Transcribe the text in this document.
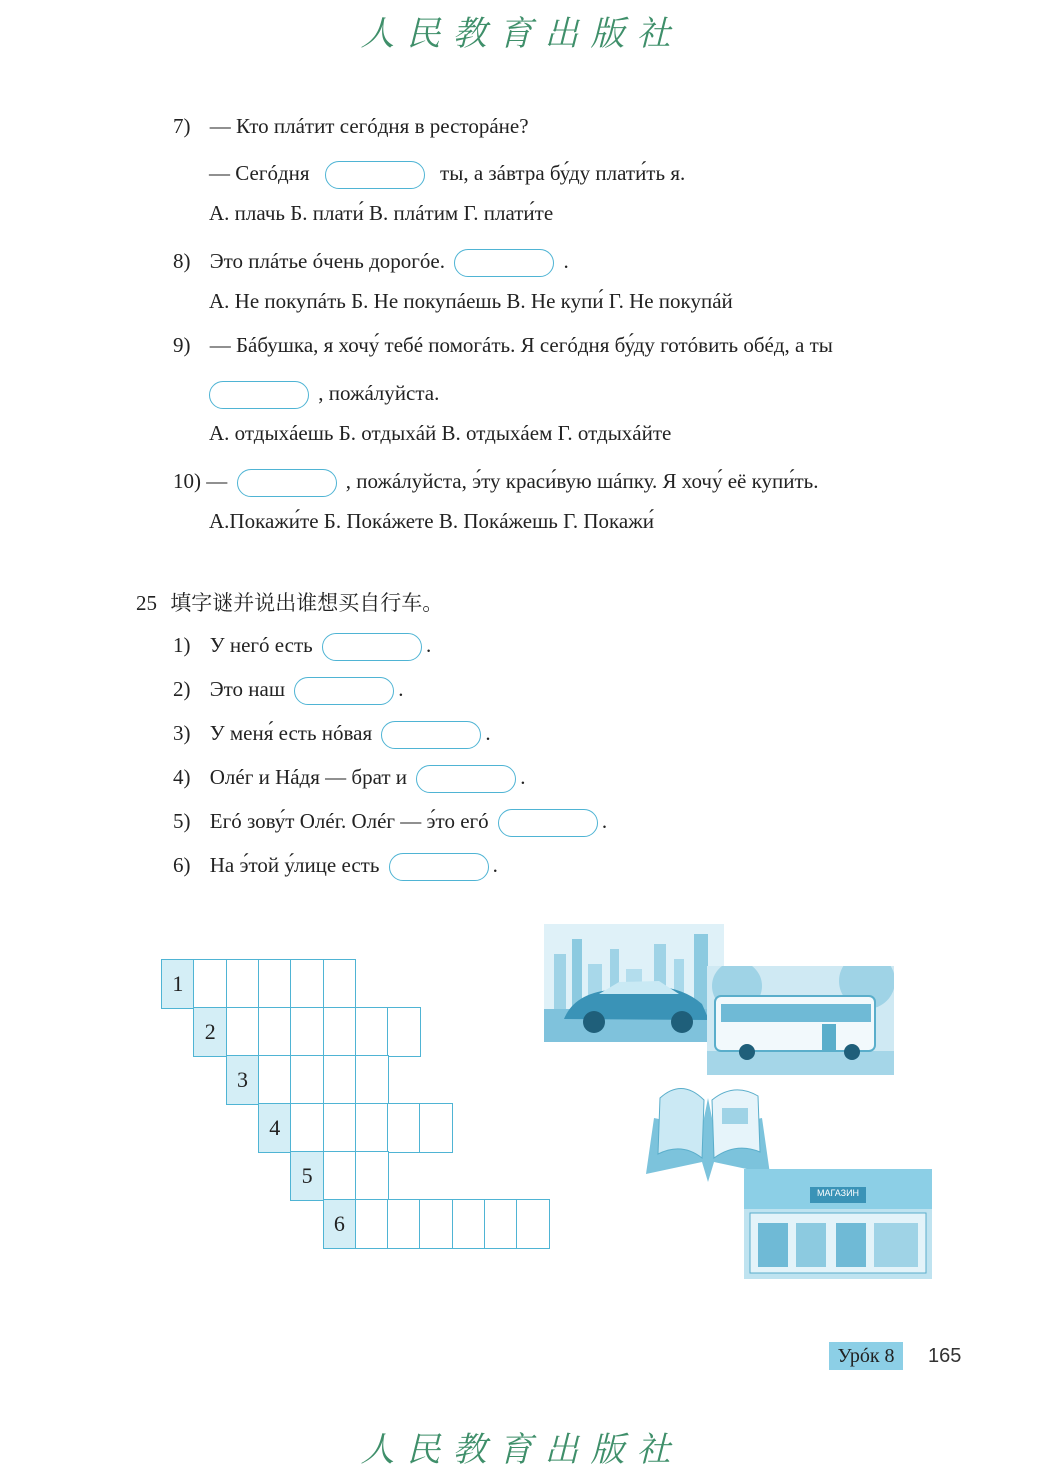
人民教育出版社
7) — Кто плáтит сегóдня в ресторáне?
— Сегóдня	ты, а зáвтра бу́ду плати́ть я.
А. плачь Б. плати́ В. плáтим Г. плати́те
8) Это плáтье óчень дорогóе.	.
А. Не покупáть Б. Не покупáешь В. Не купи́ Г. Не покупáй
9) — Бáбушка, я хочу́ тебé помогáть. Я сегóдня бу́ду готóвить обéд, а ты
, пожáлуйста.
А. отдыхáешь Б. отдыхáй В. отдыхáем Г. отдыхáйте
10) —	, пожáлуйста, э́ту краси́вую шáпку. Я хочу́ её купи́ть.
А.Покажи́те Б. Покáжете В. Покáжешь Г. Покажи́
25 填字谜并说出谁想买自行车。
1) У негó есть	.
2) Это наш	.
3) У меня́ есть нóвая	.
4) Олéг и Нáдя — брат и	.
5) Егó зову́т Олéг. Олéг — э́то егó	.
6) На э́той у́лице есть	.
1
2
3
4
5
6
МАГАЗИН
Урóк 8	165
人民教育出版社
